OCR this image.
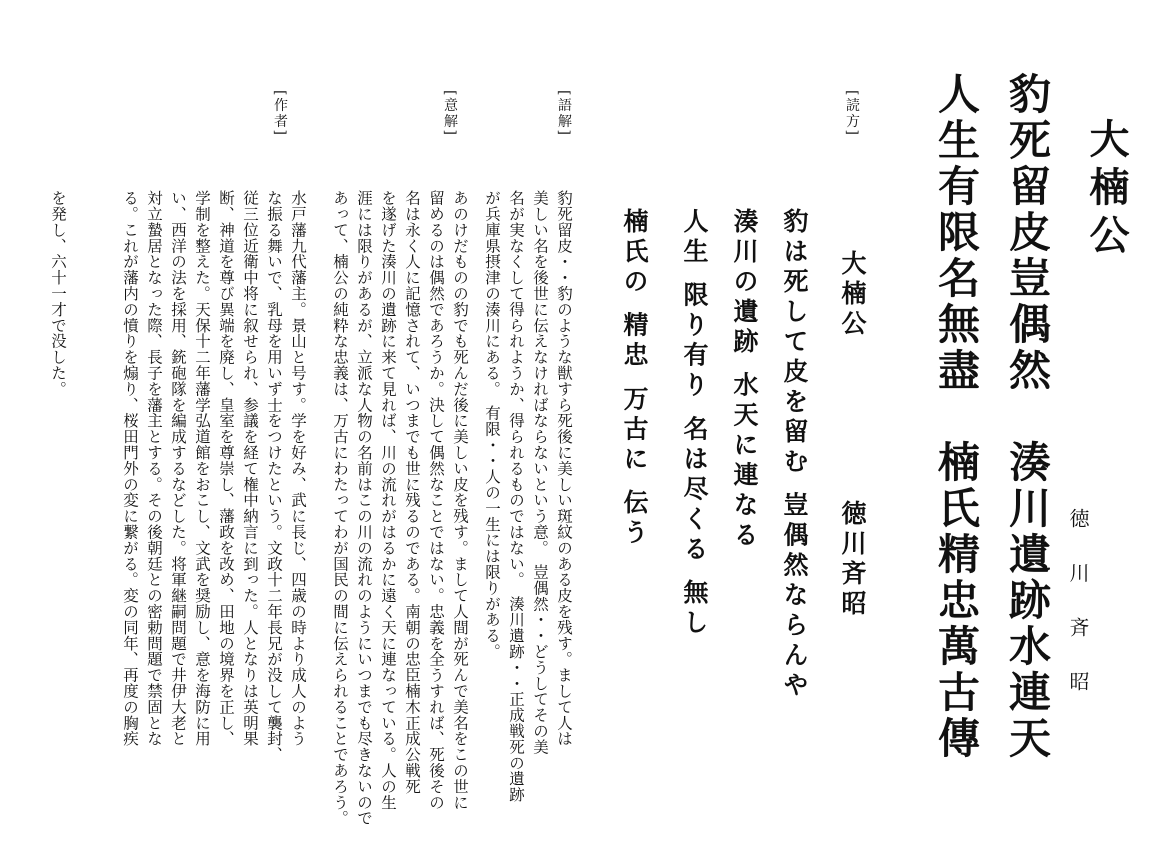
大楠公
徳 川 斉 昭
豹死留皮豈偶然
湊川遺跡水連天
人生有限名無盡
楠氏精忠萬古傳
[読方]
大楠公
徳川斉昭
豹は死して皮を留む 豈偶然ならんや
湊川の遺跡 水天に連なる
人生 限り有り 名は尽くる 無し
楠氏の 精忠 万古に 伝う
[語解]
豹死留皮・・豹のような獣すら死後に美しい斑紋のある皮を残す。まして人は
美しい名を後世に伝えなければならないという意。　豈偶然・・どうしてその美
名が実なくして得られようか、得られるものではない。　湊川遺跡・・正成戦死の遺跡
が兵庫県摂津の湊川にある。　有限・・人の一生には限りがある。
[意解]
あのけだものの豹でも死んだ後に美しい皮を残す。まして人間が死んで美名をこの世に
留めるのは偶然であろうか。決して偶然なことではない。忠義を全うすれば、死後その
名は永く人に記憶されて、いつまでも世に残るのである。南朝の忠臣楠木正成公戦死
を遂げた湊川の遺跡に来て見れば、川の流れがはるかに遠く天に連なっている。人の生
涯には限りがあるが、立派な人物の名前はこの川の流れのようにいつまでも尽きないので
あって、楠公の純粋な忠義は、万古にわたってわが国民の間に伝えられることであろう。
[作者]
水戸藩九代藩主。景山と号す。学を好み、武に長じ、四歳の時より成人のよう
な振る舞いで、乳母を用いず士をつけたという。文政十二年長兄が没して襲封、
従三位近衛中将に叙せられ、参議を経て権中納言に到った。人となりは英明果
断、神道を尊び異端を廃し、皇室を尊崇し、藩政を改め、田地の境界を正し、
学制を整えた。天保十二年藩学弘道館をおこし、文武を奨励し、意を海防に用
い、西洋の法を採用、銃砲隊を編成するなどした。将軍継嗣問題で井伊大老と
対立蟄居となった際、長子を藩主とする。その後朝廷との密勅問題で禁固とな
る。これが藩内の憤りを煽り、桜田門外の変に繋がる。変の同年、再度の胸疾
を発し、六十一才で没した。
